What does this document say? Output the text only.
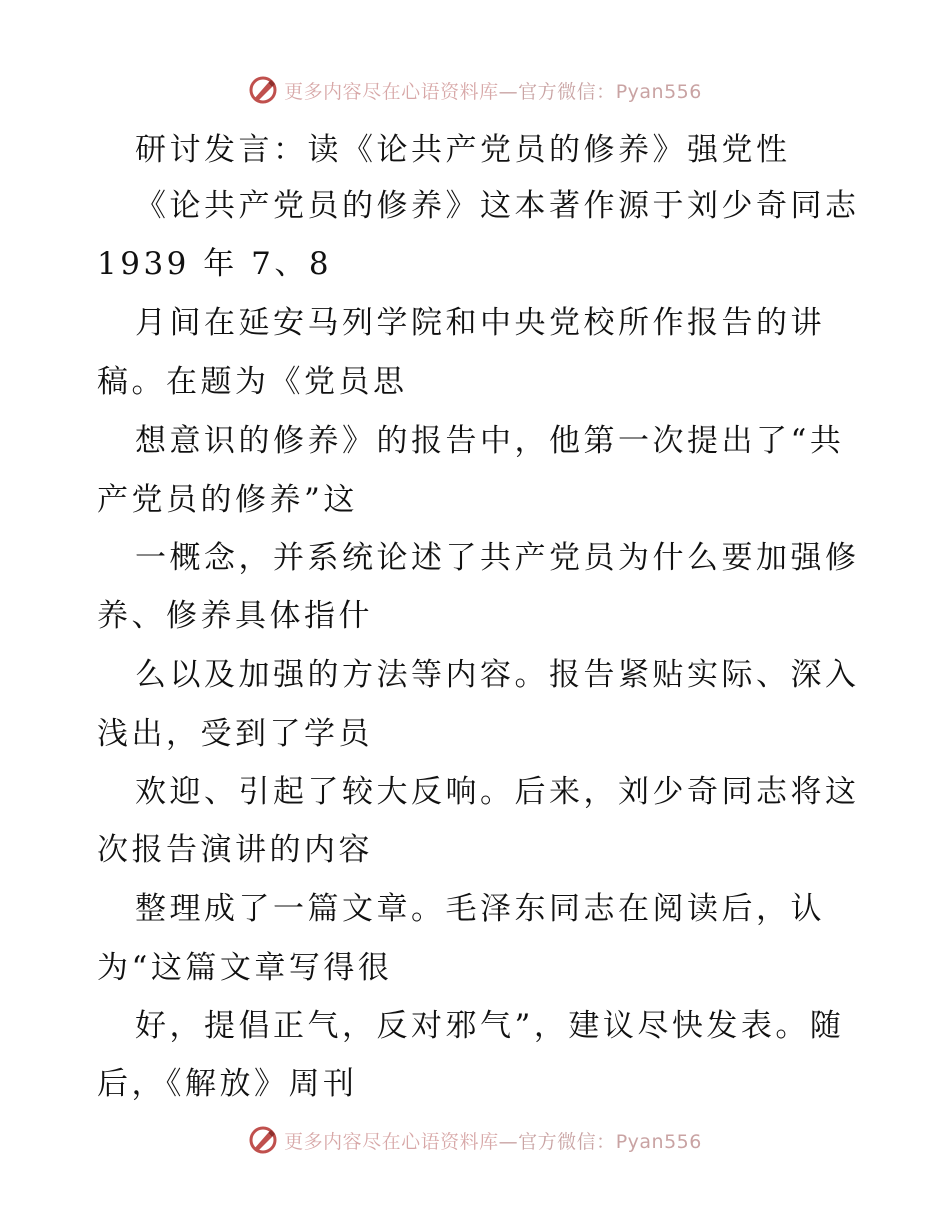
更多内容尽在心语资料库—官方微信：Pyan556
研讨发言：读《论共产党员的修养》强党性
《论共产党员的修养》这本著作源于刘少奇同志
1939 年 7、8
月间在延安马列学院和中央党校所作报告的讲
稿。在题为《党员思
想意识的修养》的报告中，他第一次提出了“共
产党员的修养”这
一概念，并系统论述了共产党员为什么要加强修
养、修养具体指什
么以及加强的方法等内容。报告紧贴实际、深入
浅出，受到了学员
欢迎、引起了较大反响。后来，刘少奇同志将这
次报告演讲的内容
整理成了一篇文章。毛泽东同志在阅读后，认
为“这篇文章写得很
好，提倡正气，反对邪气”，建议尽快发表。随
后，《解放》周刊
更多内容尽在心语资料库—官方微信：Pyan556
